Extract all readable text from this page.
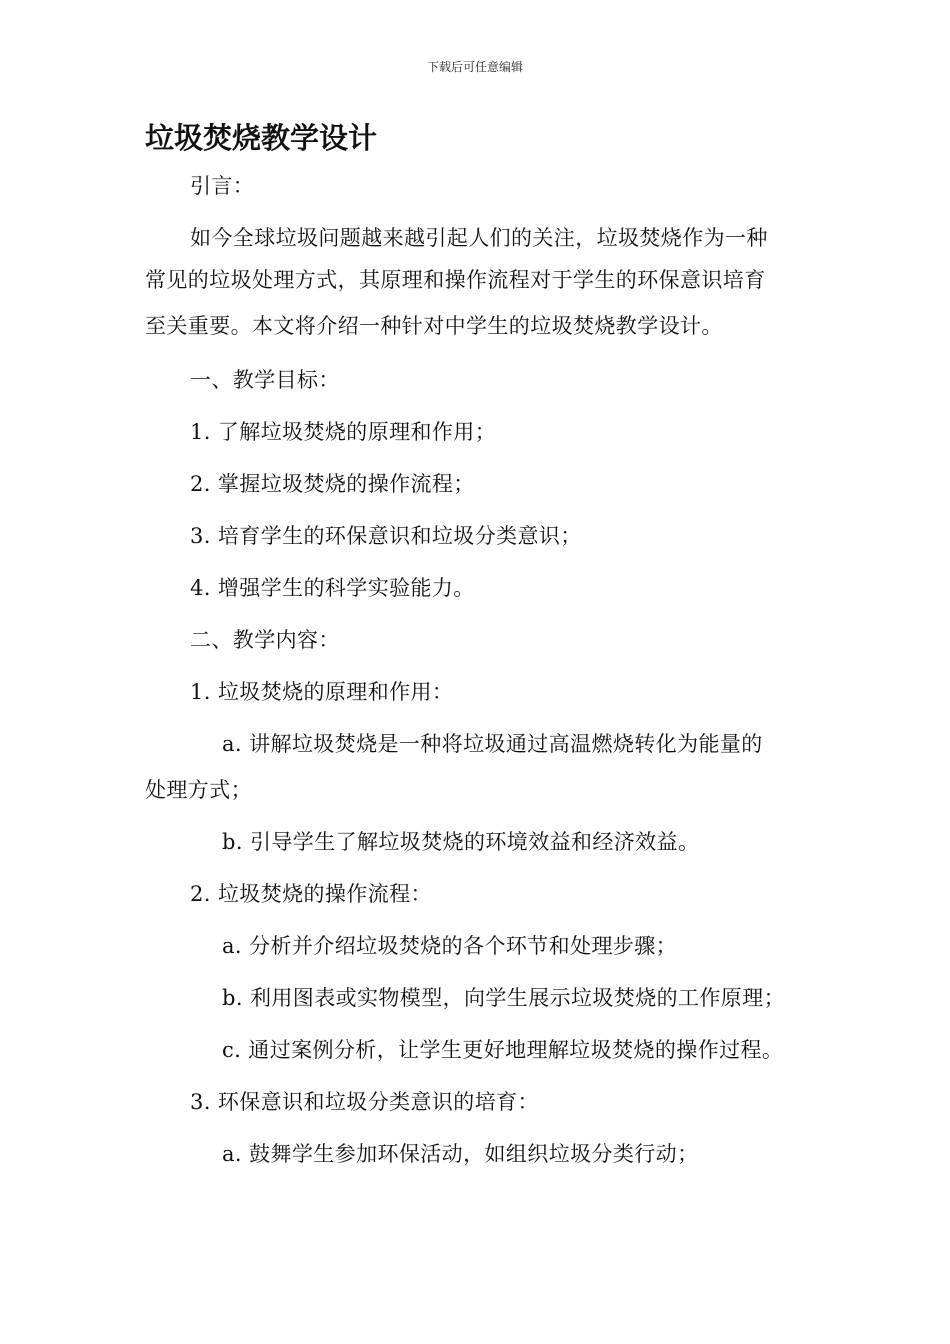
下载后可任意编辑
垃圾焚烧教学设计
引言：
如今全球垃圾问题越来越引起人们的关注，垃圾焚烧作为一种
常见的垃圾处理方式，其原理和操作流程对于学生的环保意识培育
至关重要。本文将介绍一种针对中学生的垃圾焚烧教学设计。
一、教学目标：
1. 了解垃圾焚烧的原理和作用；
2. 掌握垃圾焚烧的操作流程；
3. 培育学生的环保意识和垃圾分类意识；
4. 增强学生的科学实验能力。
二、教学内容：
1. 垃圾焚烧的原理和作用：
a. 讲解垃圾焚烧是一种将垃圾通过高温燃烧转化为能量的
处理方式；
b. 引导学生了解垃圾焚烧的环境效益和经济效益。
2. 垃圾焚烧的操作流程：
a. 分析并介绍垃圾焚烧的各个环节和处理步骤；
b. 利用图表或实物模型，向学生展示垃圾焚烧的工作原理；
c. 通过案例分析，让学生更好地理解垃圾焚烧的操作过程。
3. 环保意识和垃圾分类意识的培育：
a. 鼓舞学生参加环保活动，如组织垃圾分类行动；
